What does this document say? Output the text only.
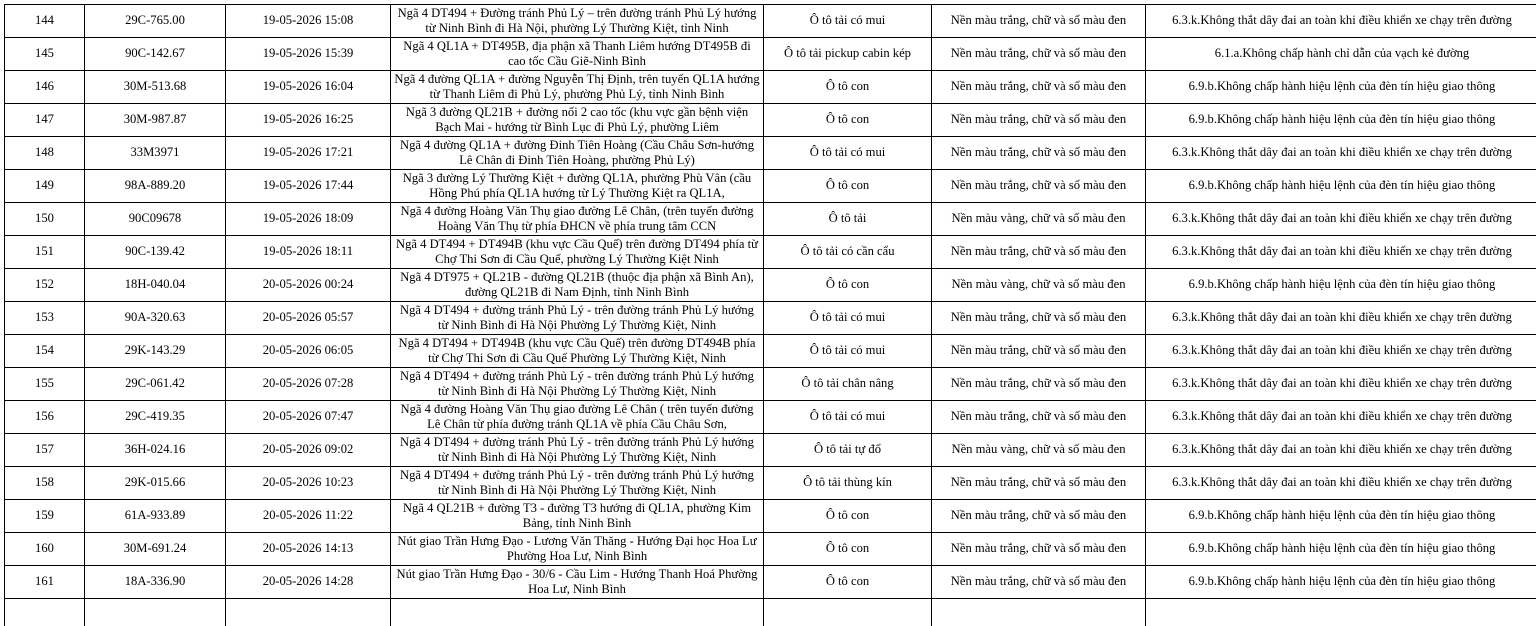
144	29C-765.00	19-05-2026 15:08	Ngã 4 DT494 + Đường tránh Phủ Lý – trên đường tránh Phủ Lý hướng từ Ninh Bình đi Hà Nội, phường Lý Thường Kiệt, tỉnh Ninh	Ô tô tải có mui	Nền màu trắng, chữ và số màu đen	6.3.k.Không thắt dây đai an toàn khi điều khiển xe chạy trên đường
145	90C-142.67	19-05-2026 15:39	Ngã 4 QL1A + DT495B, địa phận xã Thanh Liêm hướng DT495B đi cao tốc Cầu Giẽ-Ninh Bình	Ô tô tải pickup cabin kép	Nền màu trắng, chữ và số màu đen	6.1.a.Không chấp hành chỉ dẫn của vạch kẻ đường
146	30M-513.68	19-05-2026 16:04	Ngã 4 đường QL1A + đường Nguyễn Thị Định, trên tuyến QL1A hướng từ Thanh Liêm đi Phủ Lý, phường Phủ Lý, tỉnh Ninh Bình	Ô tô con	Nền màu trắng, chữ và số màu đen	6.9.b.Không chấp hành hiệu lệnh của đèn tín hiệu giao thông
147	30M-987.87	19-05-2026 16:25	Ngã 3 đường QL21B + đường nối 2 cao tốc (khu vực gần bệnh viện Bạch Mai - hướng từ Bình Lục đi Phủ Lý, phường Liêm	Ô tô con	Nền màu trắng, chữ và số màu đen	6.9.b.Không chấp hành hiệu lệnh của đèn tín hiệu giao thông
148	33M3971	19-05-2026 17:21	Ngã 4 đường QL1A + đường Đinh Tiên Hoàng (Cầu Châu Sơn-hướng Lê Chân đi Đinh Tiên Hoàng, phường Phủ Lý)	Ô tô tải có mui	Nền màu trắng, chữ và số màu đen	6.3.k.Không thắt dây đai an toàn khi điều khiển xe chạy trên đường
149	98A-889.20	19-05-2026 17:44	Ngã 3 đường Lý Thường Kiệt + đường QL1A, phường Phù Vân (cầu Hồng Phú phía QL1A hướng từ Lý Thường Kiệt ra QL1A,	Ô tô con	Nền màu trắng, chữ và số màu đen	6.9.b.Không chấp hành hiệu lệnh của đèn tín hiệu giao thông
150	90C09678	19-05-2026 18:09	Ngã 4 đường Hoàng Văn Thụ giao đường Lê Chân, (trên tuyến đường Hoàng Văn Thụ từ phía ĐHCN về phía trung tâm CCN	Ô tô tải	Nền màu vàng, chữ và số màu đen	6.3.k.Không thắt dây đai an toàn khi điều khiển xe chạy trên đường
151	90C-139.42	19-05-2026 18:11	Ngã 4 DT494 + DT494B (khu vực Cầu Quế) trên đường DT494 phía từ Chợ Thi Sơn đi Cầu Quế, phường Lý Thường Kiệt Ninh	Ô tô tải có cần cẩu	Nền màu trắng, chữ và số màu đen	6.3.k.Không thắt dây đai an toàn khi điều khiển xe chạy trên đường
152	18H-040.04	20-05-2026 00:24	Ngã 4 DT975 + QL21B - đường QL21B (thuộc địa phận xã Bình An), đường QL21B đi Nam Định, tỉnh Ninh Bình	Ô tô con	Nền màu vàng, chữ và số màu đen	6.9.b.Không chấp hành hiệu lệnh của đèn tín hiệu giao thông
153	90A-320.63	20-05-2026 05:57	Ngã 4 DT494 + đường tránh Phủ Lý - trên đường tránh Phủ Lý hướng từ Ninh Bình đi Hà Nội Phường Lý Thường Kiệt, Ninh	Ô tô tải có mui	Nền màu trắng, chữ và số màu đen	6.3.k.Không thắt dây đai an toàn khi điều khiển xe chạy trên đường
154	29K-143.29	20-05-2026 06:05	Ngã 4 DT494 + DT494B (khu vực Cầu Quế) trên đường DT494B phía từ Chợ Thi Sơn đi Cầu Quế Phường Lý Thường Kiệt, Ninh	Ô tô tải có mui	Nền màu trắng, chữ và số màu đen	6.3.k.Không thắt dây đai an toàn khi điều khiển xe chạy trên đường
155	29C-061.42	20-05-2026 07:28	Ngã 4 DT494 + đường tránh Phủ Lý - trên đường tránh Phủ Lý hướng từ Ninh Bình đi Hà Nội Phường Lý Thường Kiệt, Ninh	Ô tô tải chân nâng	Nền màu trắng, chữ và số màu đen	6.3.k.Không thắt dây đai an toàn khi điều khiển xe chạy trên đường
156	29C-419.35	20-05-2026 07:47	Ngã 4 đường Hoàng Văn Thụ giao đường Lê Chân ( trên tuyến đường Lê Chân từ phía đường tránh QL1A về phía Cầu Châu Sơn,	Ô tô tải có mui	Nền màu trắng, chữ và số màu đen	6.3.k.Không thắt dây đai an toàn khi điều khiển xe chạy trên đường
157	36H-024.16	20-05-2026 09:02	Ngã 4 DT494 + đường tránh Phủ Lý - trên đường tránh Phủ Lý hướng từ Ninh Bình đi Hà Nội Phường Lý Thường Kiệt, Ninh	Ô tô tải tự đổ	Nền màu vàng, chữ và số màu đen	6.3.k.Không thắt dây đai an toàn khi điều khiển xe chạy trên đường
158	29K-015.66	20-05-2026 10:23	Ngã 4 DT494 + đường tránh Phủ Lý - trên đường tránh Phủ Lý hướng từ Ninh Bình đi Hà Nội Phường Lý Thường Kiệt, Ninh	Ô tô tải thùng kín	Nền màu trắng, chữ và số màu đen	6.3.k.Không thắt dây đai an toàn khi điều khiển xe chạy trên đường
159	61A-933.89	20-05-2026 11:22	Ngã 4 QL21B + đường T3 - đường T3 hướng đi QL1A, phường Kim Bảng, tỉnh Ninh Bình	Ô tô con	Nền màu trắng, chữ và số màu đen	6.9.b.Không chấp hành hiệu lệnh của đèn tín hiệu giao thông
160	30M-691.24	20-05-2026 14:13	Nút giao Trần Hưng Đạo - Lương Văn Thăng - Hướng Đại học Hoa Lư Phường Hoa Lư, Ninh Bình	Ô tô con	Nền màu trắng, chữ và số màu đen	6.9.b.Không chấp hành hiệu lệnh của đèn tín hiệu giao thông
161	18A-336.90	20-05-2026 14:28	Nút giao Trần Hưng Đạo - 30/6 - Cầu Lim - Hướng Thanh Hoá Phường Hoa Lư, Ninh Bình	Ô tô con	Nền màu trắng, chữ và số màu đen	6.9.b.Không chấp hành hiệu lệnh của đèn tín hiệu giao thông
